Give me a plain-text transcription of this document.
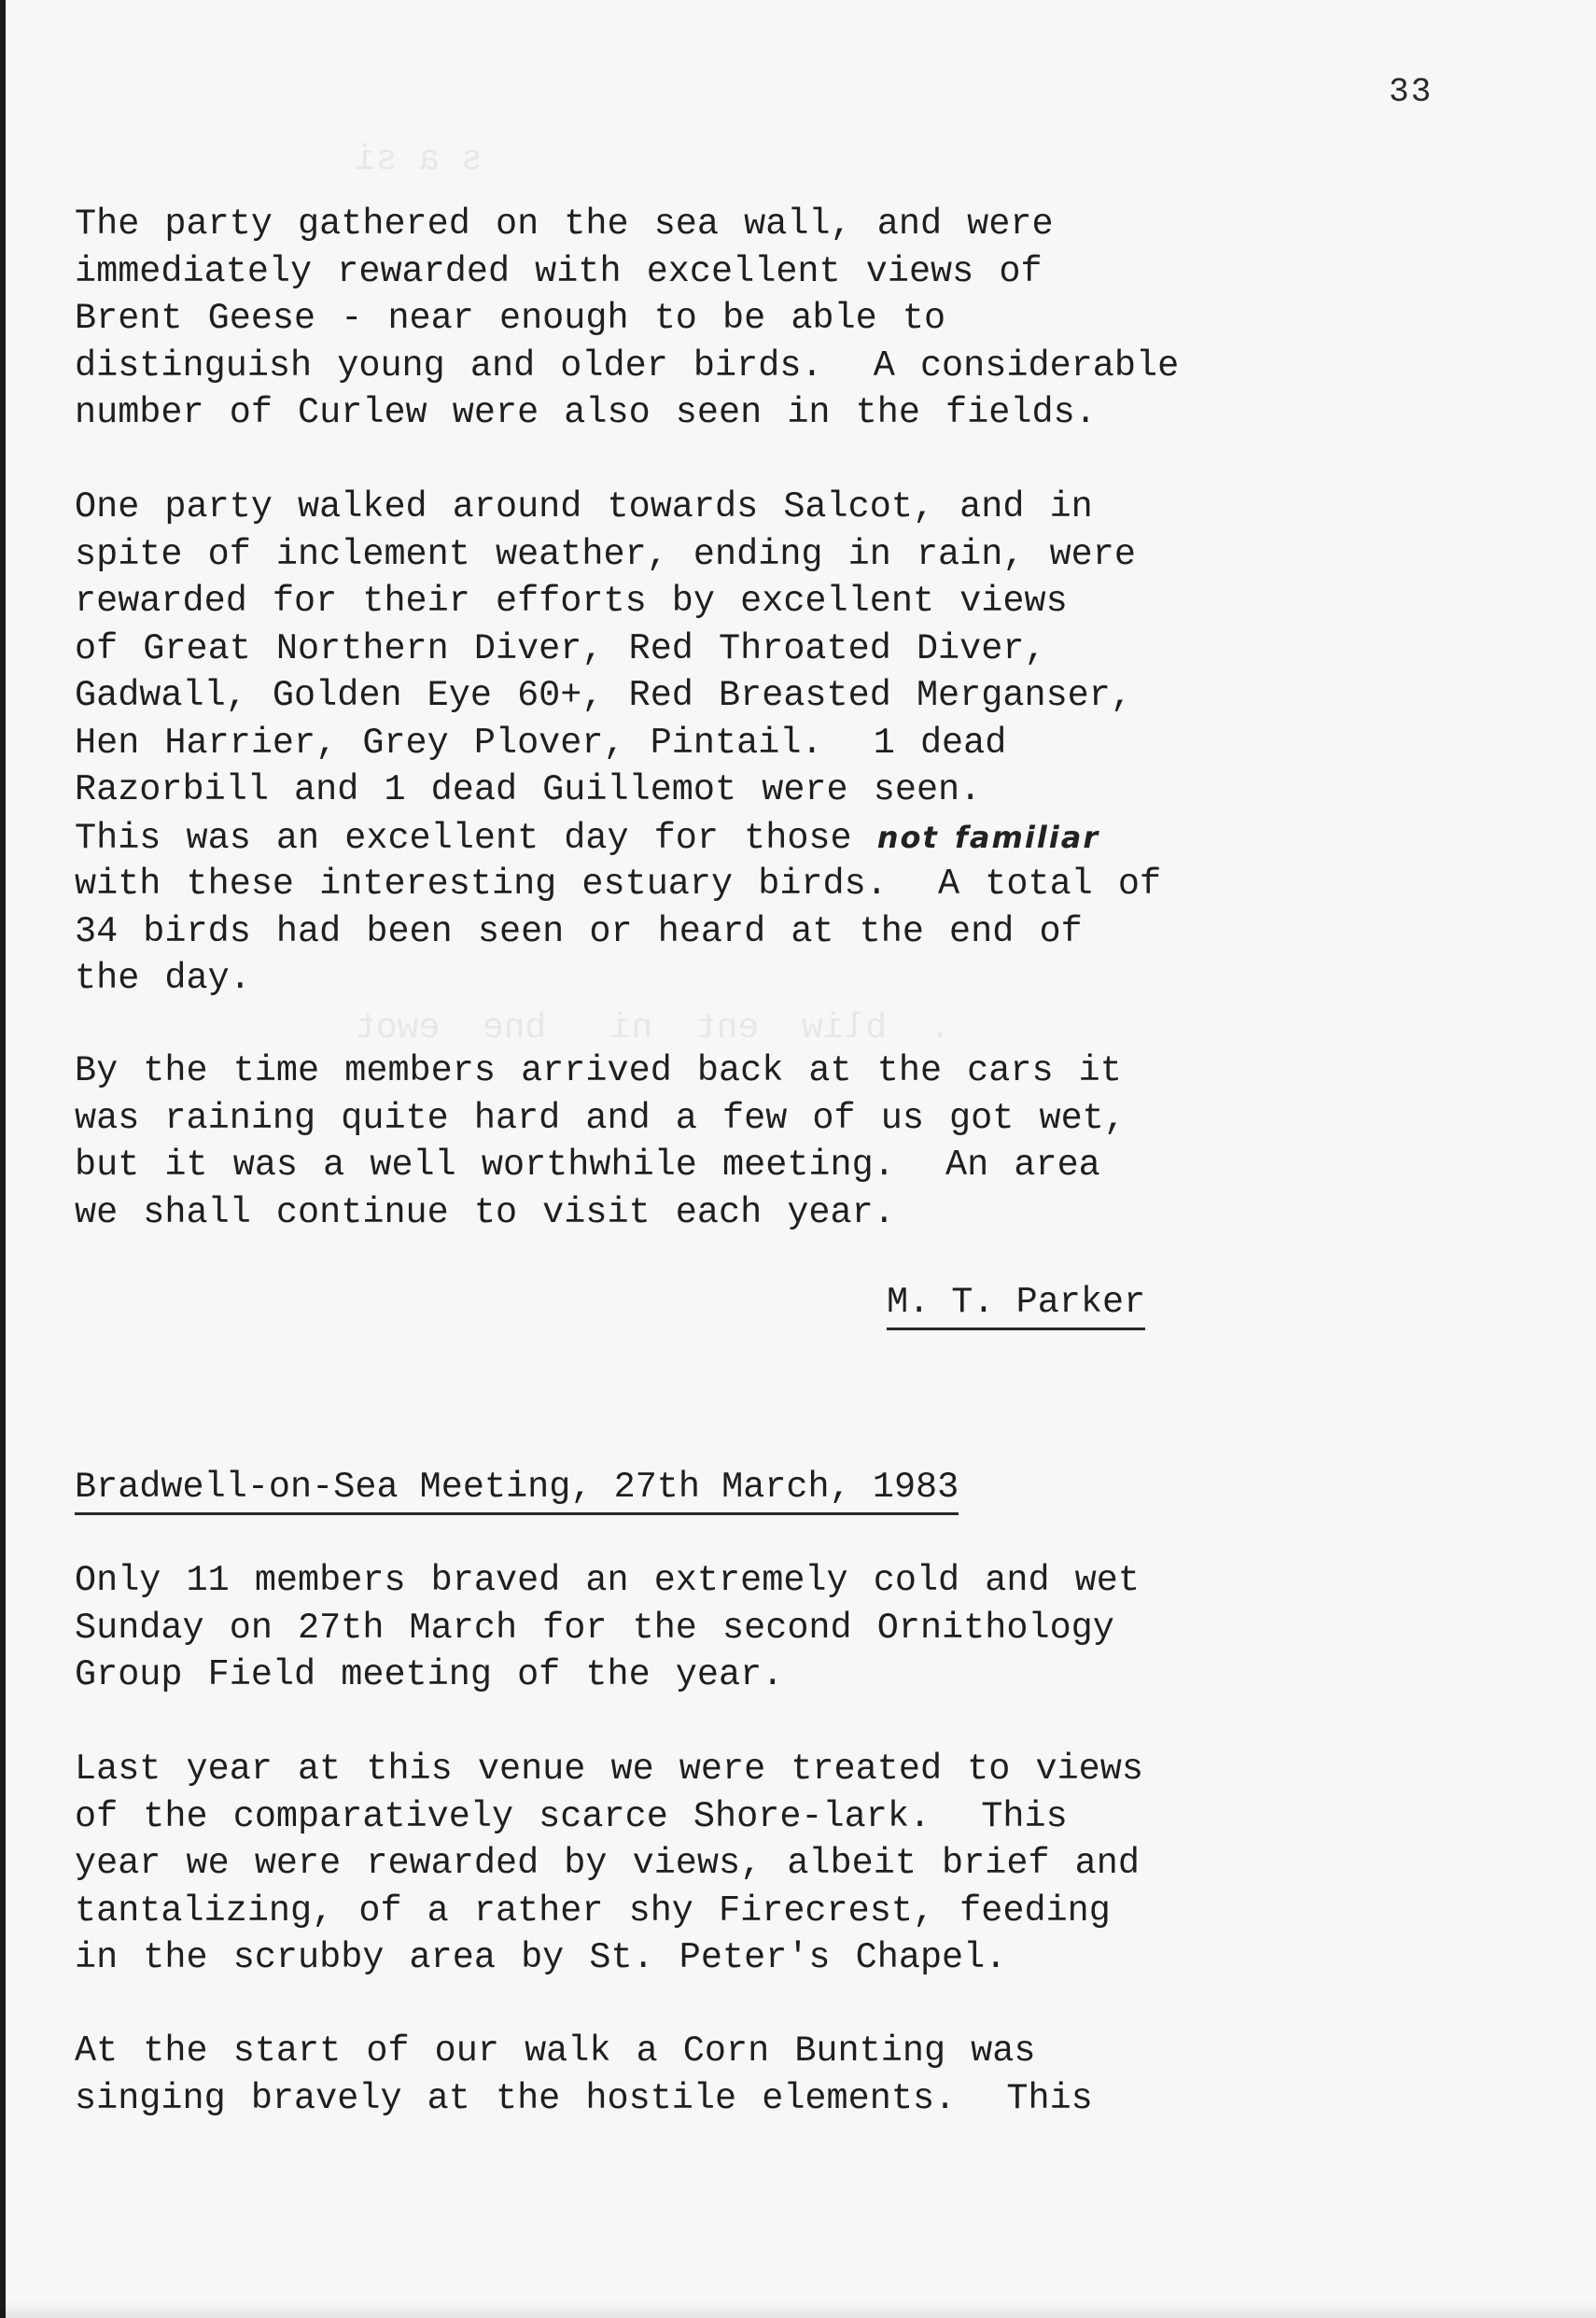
s a si
.  bliw  ent  ni   bne  ewot
33
The party gathered on the sea wall, and were
immediately rewarded with excellent views of
Brent Geese - near enough to be able to
distinguish young and older birds.  A considerable
number of Curlew were also seen in the fields.
One party walked around towards Salcot, and in
spite of inclement weather, ending in rain, were
rewarded for their efforts by excellent views
of Great Northern Diver, Red Throated Diver,
Gadwall, Golden Eye 60+, Red Breasted Merganser,
Hen Harrier, Grey Plover, Pintail.  1 dead
Razorbill and 1 dead Guillemot were seen.
This was an excellent day for those not familiar
with these interesting estuary birds.  A total of
34 birds had been seen or heard at the end of
the day.
By the time members arrived back at the cars it
was raining quite hard and a few of us got wet,
but it was a well worthwhile meeting.  An area
we shall continue to visit each year.
M. T. Parker
Bradwell-on-Sea Meeting, 27th March, 1983
Only 11 members braved an extremely cold and wet
Sunday on 27th March for the second Ornithology
Group Field meeting of the year.
Last year at this venue we were treated to views
of the comparatively scarce Shore-lark.  This
year we were rewarded by views, albeit brief and
tantalizing, of a rather shy Firecrest, feeding
in the scrubby area by St. Peter's Chapel.
At the start of our walk a Corn Bunting was
singing bravely at the hostile elements.  This
